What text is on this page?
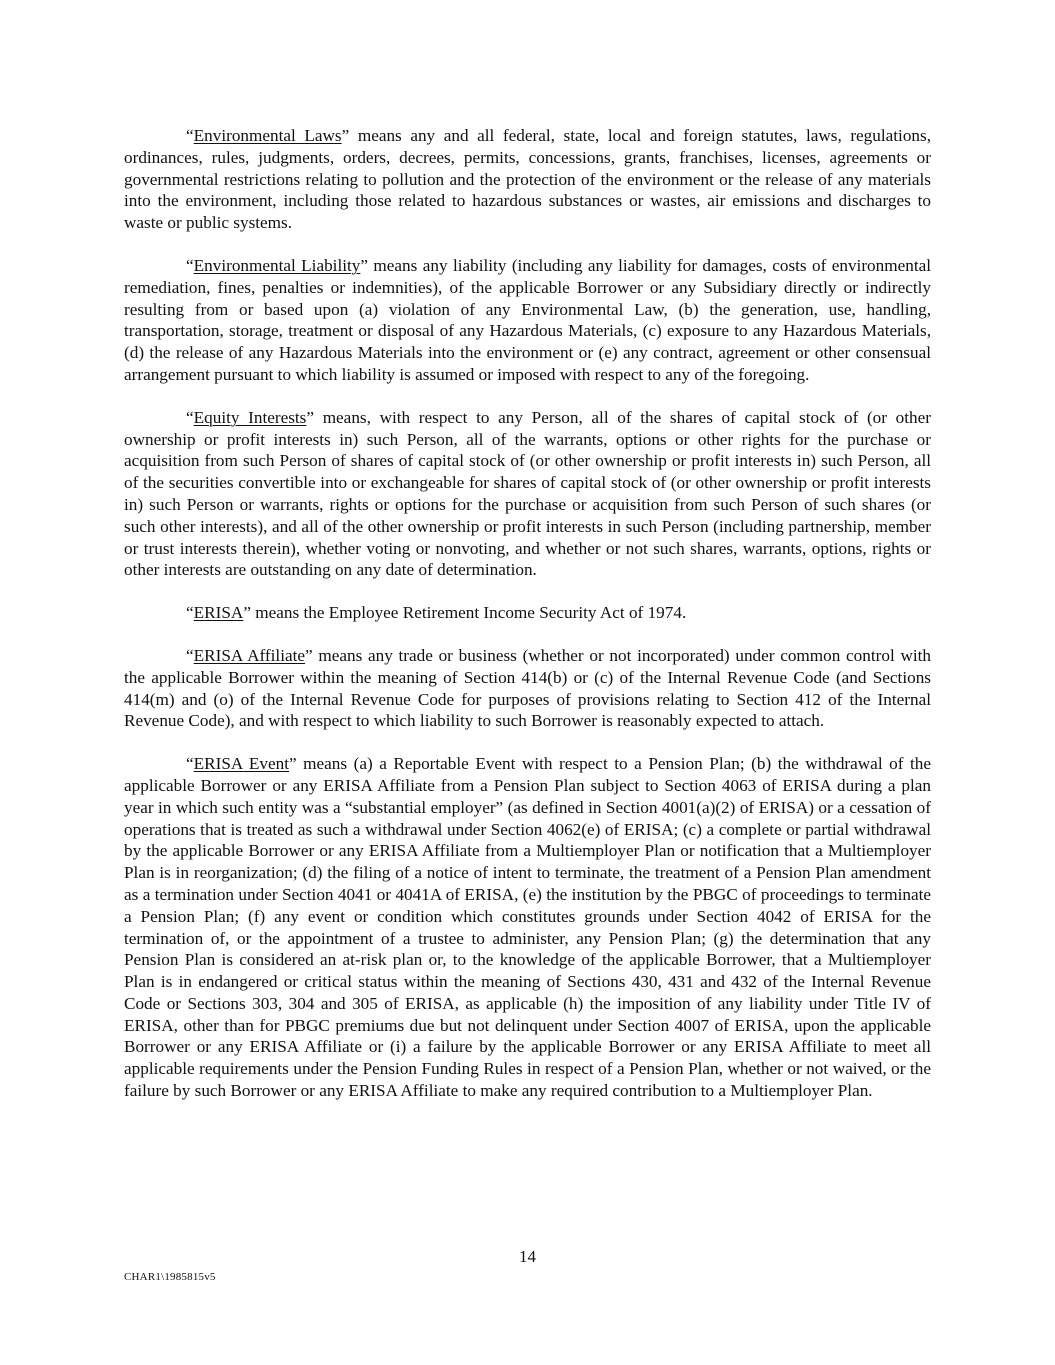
“Environmental Laws” means any and all federal, state, local and foreign statutes, laws, regulations, ordinances, rules, judgments, orders, decrees, permits, concessions, grants, franchises, licenses, agreements or governmental restrictions relating to pollution and the protection of the environment or the release of any materials into the environment, including those related to hazardous substances or wastes, air emissions and discharges to waste or public systems.

“Environmental Liability” means any liability (including any liability for damages, costs of environmental remediation, fines, penalties or indemnities), of the applicable Borrower or any Subsidiary directly or indirectly resulting from or based upon (a) violation of any Environmental Law, (b) the generation, use, handling, transportation, storage, treatment or disposal of any Hazardous Materials, (c) exposure to any Hazardous Materials, (d) the release of any Hazardous Materials into the environment or (e) any contract, agreement or other consensual arrangement pursuant to which liability is assumed or imposed with respect to any of the foregoing.

“Equity Interests” means, with respect to any Person, all of the shares of capital stock of (or other ownership or profit interests in) such Person, all of the warrants, options or other rights for the purchase or acquisition from such Person of shares of capital stock of (or other ownership or profit interests in) such Person, all of the securities convertible into or exchangeable for shares of capital stock of (or other ownership or profit interests in) such Person or warrants, rights or options for the purchase or acquisition from such Person of such shares (or such other interests), and all of the other ownership or profit interests in such Person (including partnership, member or trust interests therein), whether voting or nonvoting, and whether or not such shares, warrants, options, rights or other interests are outstanding on any date of determination.

“ERISA” means the Employee Retirement Income Security Act of 1974.

“ERISA Affiliate” means any trade or business (whether or not incorporated) under common control with the applicable Borrower within the meaning of Section 414(b) or (c) of the Internal Revenue Code (and Sections 414(m) and (o) of the Internal Revenue Code for purposes of provisions relating to Section 412 of the Internal Revenue Code), and with respect to which liability to such Borrower is reasonably expected to attach.

“ERISA Event” means (a) a Reportable Event with respect to a Pension Plan; (b) the withdrawal of the applicable Borrower or any ERISA Affiliate from a Pension Plan subject to Section 4063 of ERISA during a plan year in which such entity was a “substantial employer” (as defined in Section 4001(a)(2) of ERISA) or a cessation of operations that is treated as such a withdrawal under Section 4062(e) of ERISA; (c) a complete or partial withdrawal by the applicable Borrower or any ERISA Affiliate from a Multiemployer Plan or notification that a Multiemployer Plan is in reorganization; (d) the filing of a notice of intent to terminate, the treatment of a Pension Plan amendment as a termination under Section 4041 or 4041A of ERISA, (e) the institution by the PBGC of proceedings to terminate a Pension Plan; (f) any event or condition which constitutes grounds under Section 4042 of ERISA for the termination of, or the appointment of a trustee to administer, any Pension Plan; (g) the determination that any Pension Plan is considered an at-risk plan or, to the knowledge of the applicable Borrower, that a Multiemployer Plan is in endangered or critical status within the meaning of Sections 430, 431 and 432 of the Internal Revenue Code or Sections 303, 304 and 305 of ERISA, as applicable (h) the imposition of any liability under Title IV of ERISA, other than for PBGC premiums due but not delinquent under Section 4007 of ERISA, upon the applicable Borrower or any ERISA Affiliate or (i) a failure by the applicable Borrower or any ERISA Affiliate to meet all applicable requirements under the Pension Funding Rules in respect of a Pension Plan, whether or not waived, or the failure by such Borrower or any ERISA Affiliate to make any required contribution to a Multiemployer Plan.

14
CHAR1\1985815v5
